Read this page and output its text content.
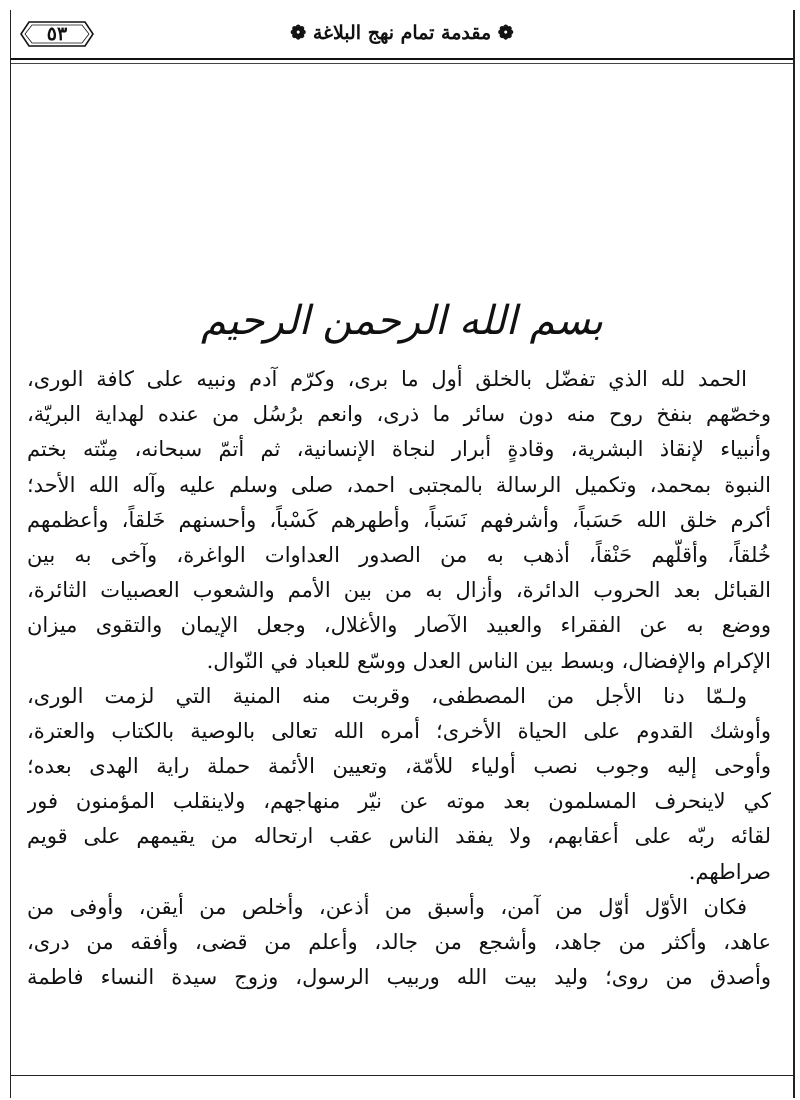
٥٣	❁ مقدمة تمام نهج البلاغة ❁
بسم الله الرحمن الرحيم
الحمد لله الذي تفضّل بالخلق أول ما برى، وكرّم آدم ونبيه على كافة الورى،
وخصّهم بنفخ روح منه دون سائر ما ذرى، وانعم برُسُل من عنده لهداية البريّة،
وأنبياء لإنقاذ البشرية، وقادةٍ أبرار لنجاة الإنسانية، ثم أتمّ سبحانه، مِنّته بختم
النبوة بمحمد، وتكميل الرسالة بالمجتبى احمد، صلى وسلم عليه وآله الله الأحد؛
أكرم خلق الله حَسَباً، وأشرفهم نَسَباً، وأطهرهم كَسْباً، وأحسنهم خَلقاً، وأعظمهم
خُلقاً، وأقلّهم حَنْقاً، أذهب به من الصدور العداوات الواغرة، وآخى به بين
القبائل بعد الحروب الدائرة، وأزال به من بين الأمم والشعوب العصبيات الثائرة،
ووضع به عن الفقراء والعبيد الآصار والأغلال، وجعل الإيمان والتقوى ميزان
الإكرام والإفضال، وبسط بين الناس العدل ووسّع للعباد في النّوال.
ولـمّا دنا الأجل من المصطفى، وقربت منه المنية التي لزمت الورى،
وأوشك القدوم على الحياة الأخرى؛ أمره الله تعالى بالوصية بالكتاب والعترة،
وأوحى إليه وجوب نصب أولياء للأمّة، وتعيين الأئمة حملة راية الهدى بعده؛
كي لاينحرف المسلمون بعد موته عن نيّر منهاجهم، ولاينقلب المؤمنون فور
لقائه ربّه على أعقابهم، ولا يفقد الناس عقب ارتحاله من يقيمهم على قويم
صراطهم.
فكان الأوّل أوّل من آمن، وأسبق من أذعن، وأخلص من أيقن، وأوفى من
عاهد، وأكثر من جاهد، وأشجع من جالد، وأعلم من قضى، وأفقه من درى،
وأصدق من روى؛ وليد بيت الله وربيب الرسول، وزوج سيدة النساء فاطمة
